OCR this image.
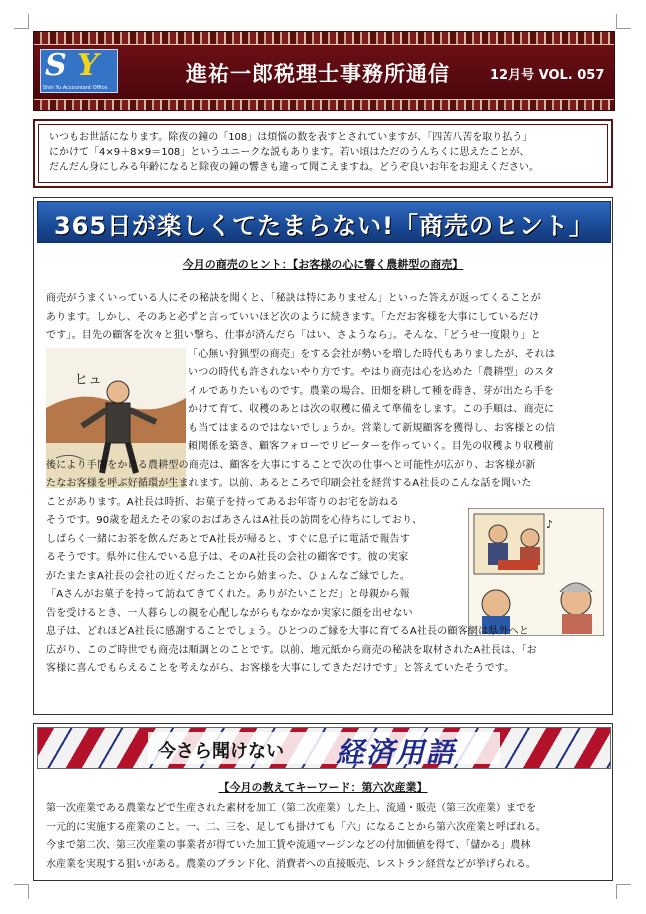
S Y
Shin Yu Accountant Office
進祐一郎税理士事務所通信	12月号 VOL. 057
いつもお世話になります。除夜の鐘の「108」は煩悩の数を表すとされていますが、「四苦八苦を取り払う」
にかけて「4×9＋8×9＝108」というユニークな説もあります。若い頃はただのうんちくに思えたことが、
だんだん身にしみる年齢になると除夜の鐘の響きも違って聞こえますね。どうぞ良いお年をお迎えください。
365日が楽しくてたまらない!「商売のヒント」
今月の商売のヒント：【お客様の心に響く農耕型の商売】
ヒュ
♪

商売がうまくいっている人にその秘訣を聞くと、「秘訣は特にありません」といった答えが返ってくることが

あります。しかし、そのあと必ずと言っていいほど次のように続きます。「ただお客様を大事にしているだけ

です」。目先の顧客を次々と狙い撃ち、仕事が済んだら「はい、さようなら」。そんな、「どうせ一度限り」と

「心無い狩猟型の商売」をする会社が勢いを増した時代もありましたが、それは

いつの時代も許されないやり方です。やはり商売は心を込めた「農耕型」のスタ

イルでありたいものです。農業の場合、田畑を耕して種を蒔き、芽が出たら手を

かけて育て、収穫のあとは次の収穫に備えて準備をします。この手順は、商売に

も当てはまるのではないでしょうか。営業して新規顧客を獲得し、お客様との信

頼関係を築き、顧客フォローでリピーターを作っていく。目先の収穫より収穫前

後により手間をかける農耕型の商売は、顧客を大事にすることで次の仕事へと可能性が広がり、お客様が新

たなお客様を呼ぶ好循環が生まれます。以前、あるところで印刷会社を経営するA社長のこんな話を聞いた

ことがあります。A社長は時折、お菓子を持ってあるお年寄りのお宅を訪ねる

そうです。90歳を超えたその家のおばあさんはA社長の訪問を心待ちにしており、

しばらく一緒にお茶を飲んだあとでA社長が帰ると、すぐに息子に電話で報告す

るそうです。県外に住んでいる息子は、そのA社長の会社の顧客です。彼の実家

がたまたまA社長の会社の近くだったことから始まった、ひょんなご縁でした。

「Aさんがお菓子を持って訪ねてきてくれた。ありがたいことだ」と母親から報

告を受けるとき、一人暮らしの親を心配しながらもなかなか実家に顔を出せない

息子は、どれほどA社長に感謝することでしょう。ひとつのご縁を大事に育てるA社長の顧客網は県外へと

広がり、このご時世でも商売は順調とのことです。以前、地元紙から商売の秘訣を取材されたA社長は、「お

客様に喜んでもらえることを考えながら、お客様を大事にしてきただけです」と答えていたそうです。

今さら聞けない 経済用語
【今月の教えてキーワード：第六次産業】

第一次産業である農業などで生産された素材を加工（第二次産業）した上、流通・販売（第三次産業）までを

一元的に実施する産業のこと。一、二、三を、足しても掛けても「六」になることから第六次産業と呼ばれる。

今まで第二次、第三次産業の事業者が得ていた加工賃や流通マージンなどの付加価値を得て、「儲かる」農林

水産業を実現する狙いがある。農業のブランド化、消費者への直接販売、レストラン経営などが挙げられる。
